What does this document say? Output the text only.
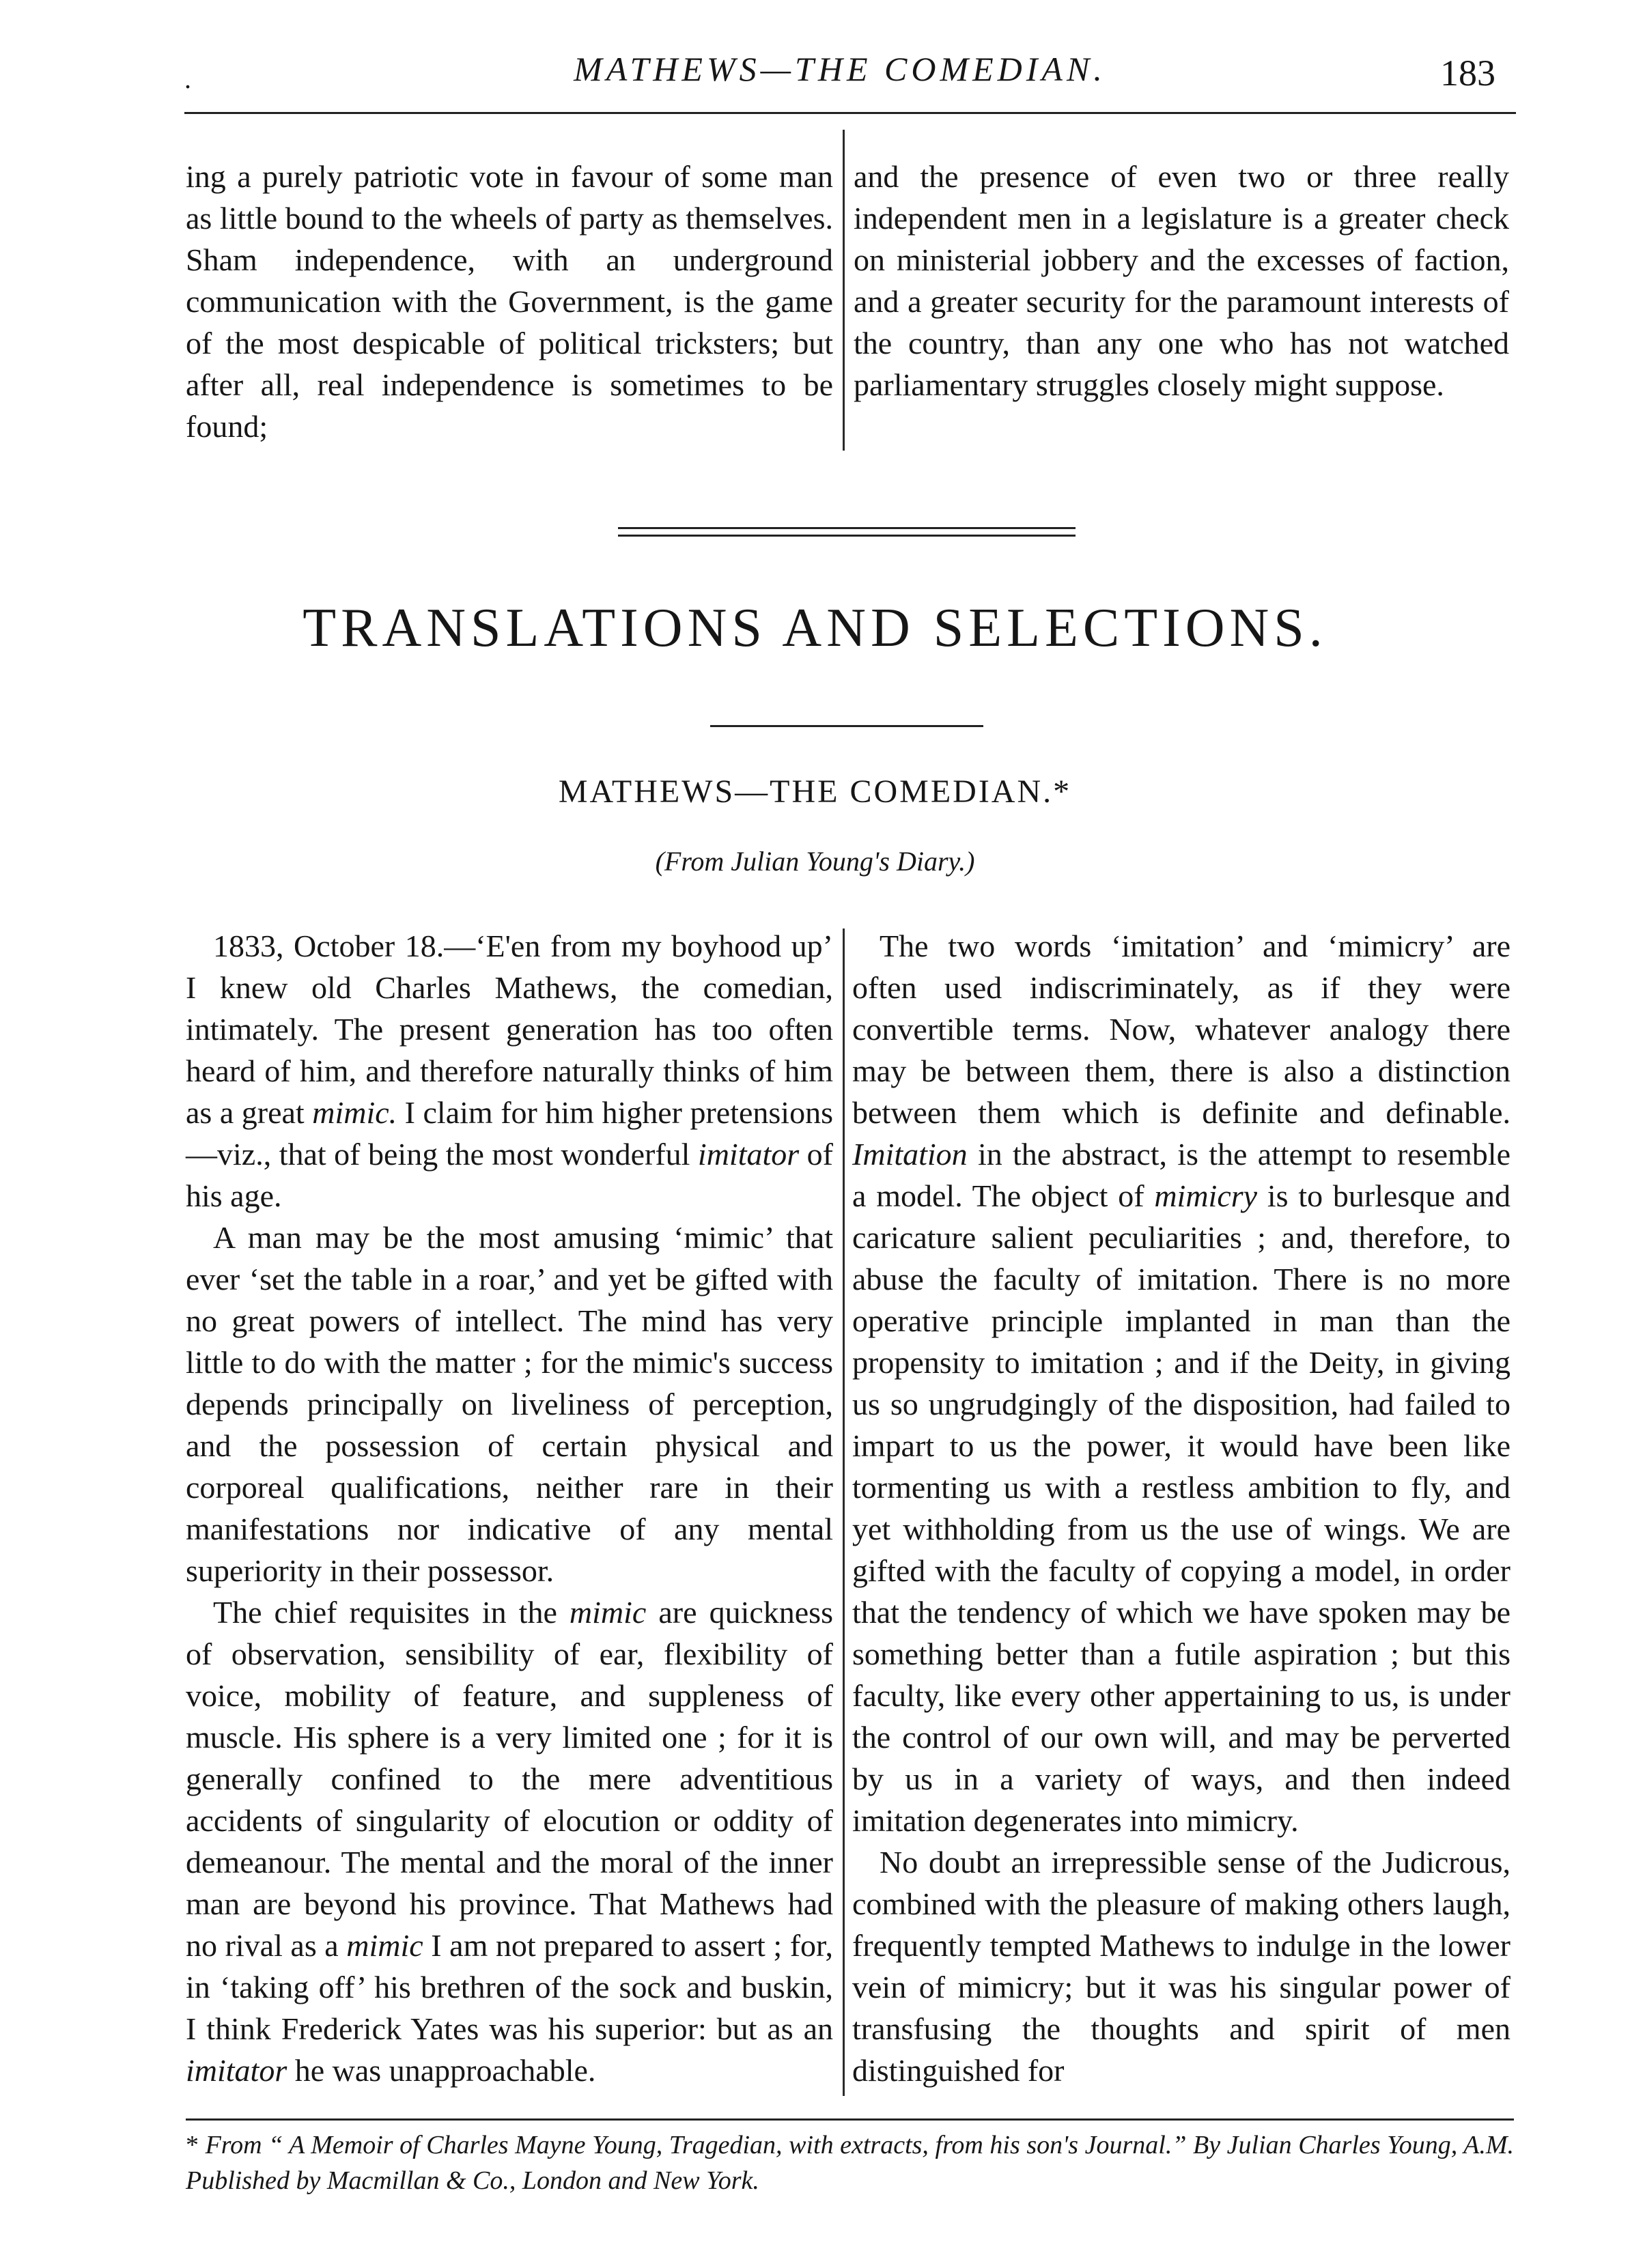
.	MATHEWS—THE COMEDIAN.	183

ing a purely patriotic vote in favour of some man as little bound to the wheels of party as themselves. Sham independence, with an underground communication with the Government, is the game of the most despicable of political tricksters; but after all, real independence is sometimes to be found;

and the presence of even two or three really independent men in a legislature is a greater check on ministerial jobbery and the excesses of faction, and a greater security for the paramount interests of the country, than any one who has not watched parliamentary struggles closely might suppose.

TRANSLATIONS AND SELECTIONS.
MATHEWS—THE COMEDIAN.*
(From Julian Young's Diary.)

1833, October 18.—‘E'en from my boyhood up’ I knew old Charles Mathews, the comedian, intimately. The present generation has too often heard of him, and therefore naturally thinks of him as a great mimic. I claim for him higher pretensions—viz., that of being the most wonderful imitator of his age.

A man may be the most amusing ‘mimic’ that ever ‘set the table in a roar,’ and yet be gifted with no great powers of intellect. The mind has very little to do with the matter ; for the mimic's success depends principally on liveliness of perception, and the possession of certain physical and corporeal qualifications, neither rare in their manifestations nor indicative of any mental superiority in their possessor.

The chief requisites in the mimic are quickness of observation, sensibility of ear, flexibility of voice, mobility of feature, and suppleness of muscle. His sphere is a very limited one ; for it is generally confined to the mere adventitious accidents of singularity of elocution or oddity of demeanour. The mental and the moral of the inner man are beyond his province. That Mathews had no rival as a mimic I am not prepared to assert ; for, in ‘taking off’ his brethren of the sock and buskin, I think Frederick Yates was his superior: but as an imitator he was unapproachable.

The two words ‘imitation’ and ‘mimicry’ are often used indiscriminately, as if they were convertible terms. Now, whatever analogy there may be between them, there is also a distinction between them which is definite and definable. Imitation in the abstract, is the attempt to resemble a model. The object of mimicry is to burlesque and caricature salient peculiarities ; and, therefore, to abuse the faculty of imitation. There is no more operative principle implanted in man than the propensity to imitation ; and if the Deity, in giving us so ungrudgingly of the disposition, had failed to impart to us the power, it would have been like tormenting us with a restless ambition to fly, and yet withholding from us the use of wings. We are gifted with the faculty of copying a model, in order that the tendency of which we have spoken may be something better than a futile aspiration ; but this faculty, like every other appertaining to us, is under the control of our own will, and may be perverted by us in a variety of ways, and then indeed imitation degenerates into mimicry.

No doubt an irrepressible sense of the Judicrous, combined with the pleasure of making others laugh, frequently tempted Mathews to indulge in the lower vein of mimicry; but it was his singular power of transfusing the thoughts and spirit of men distinguished for

* From “ A Memoir of Charles Mayne Young, Tragedian, with extracts, from his son's Journal.” By Julian Charles Young, A.M. Published by Macmillan & Co., London and New York.
